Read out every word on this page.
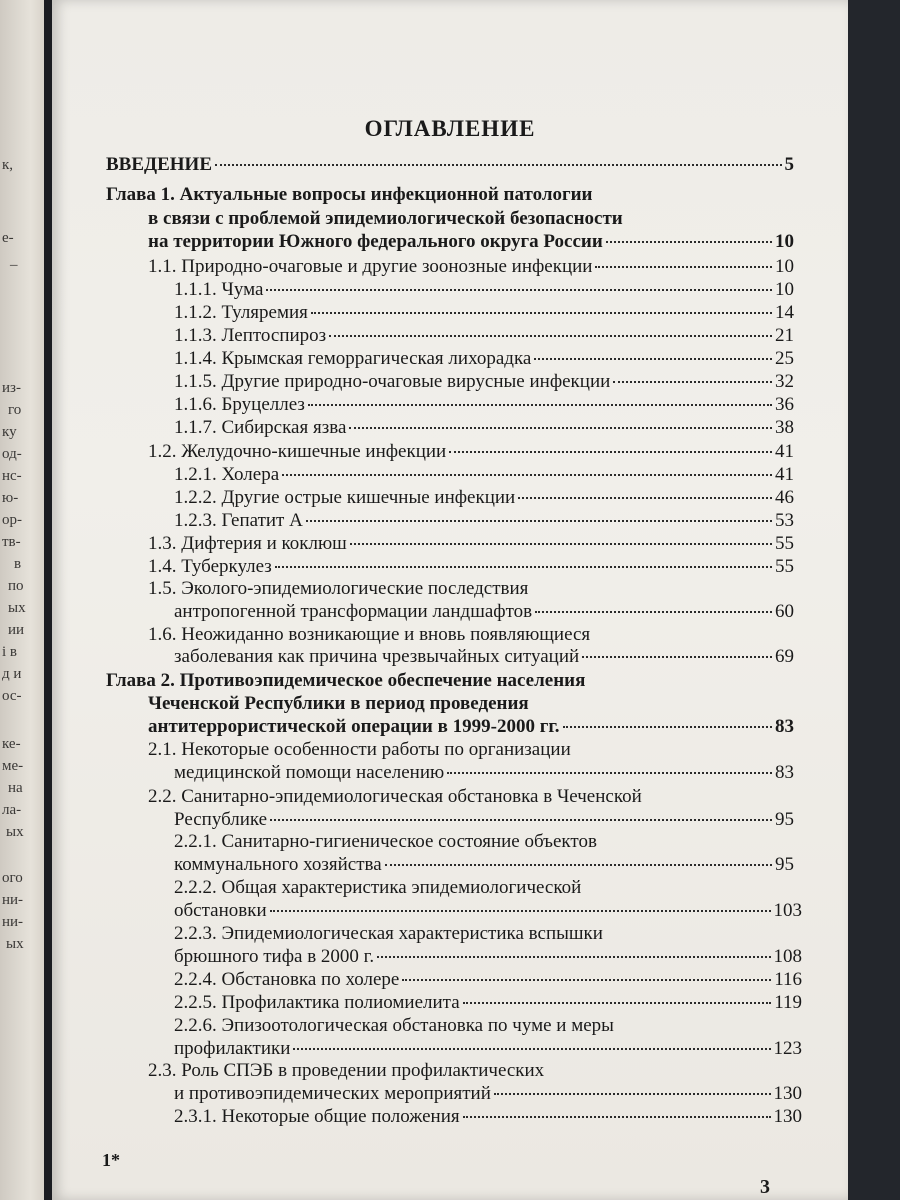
к,
е-
–
из-
го
ку
од-
нс-
ю-
ор-
тв-
в
по
ых
ии
і в
д и
ос-
ке-
ме-
на
ла-
ых
ого
ни-
ни-
ых
ОГЛАВЛЕНИЕ
ВВЕДЕНИЕ	5
Глава 1. Актуальные вопросы инфекционной патологии
в связи с проблемой эпидемиологической безопасности
на территории Южного федерального округа России	10
1.1. Природно-очаговые и другие зоонозные инфекции	10
1.1.1. Чума	10
1.1.2. Туляремия	14
1.1.3. Лептоспироз	21
1.1.4. Крымская геморрагическая лихорадка	25
1.1.5. Другие природно-очаговые вирусные инфекции	32
1.1.6. Бруцеллез	36
1.1.7. Сибирская язва	38
1.2. Желудочно-кишечные инфекции	41
1.2.1. Холера	41
1.2.2. Другие острые кишечные инфекции	46
1.2.3. Гепатит А	53
1.3. Дифтерия и коклюш	55
1.4. Туберкулез	55
1.5. Эколого-эпидемиологические последствия
антропогенной трансформации ландшафтов	60
1.6. Неожиданно возникающие и вновь появляющиеся
заболевания как причина чрезвычайных ситуаций	69
Глава 2. Противоэпидемическое обеспечение населения
Чеченской Республики в период проведения
антитеррористической операции в 1999-2000 гг.	83
2.1. Некоторые особенности работы по организации
медицинской помощи населению	83
2.2. Санитарно-эпидемиологическая обстановка в Чеченской
Республике	95
2.2.1. Санитарно-гигиеническое состояние объектов
коммунального хозяйства	95
2.2.2. Общая характеристика эпидемиологической
обстановки	103
2.2.3. Эпидемиологическая характеристика вспышки
брюшного тифа в 2000 г.	108
2.2.4. Обстановка по холере	116
2.2.5. Профилактика полиомиелита	119
2.2.6. Эпизоотологическая обстановка по чуме и меры
профилактики	123
2.3. Роль СПЭБ в проведении профилактических
и противоэпидемических мероприятий	130
2.3.1. Некоторые общие положения	130
1*
3
